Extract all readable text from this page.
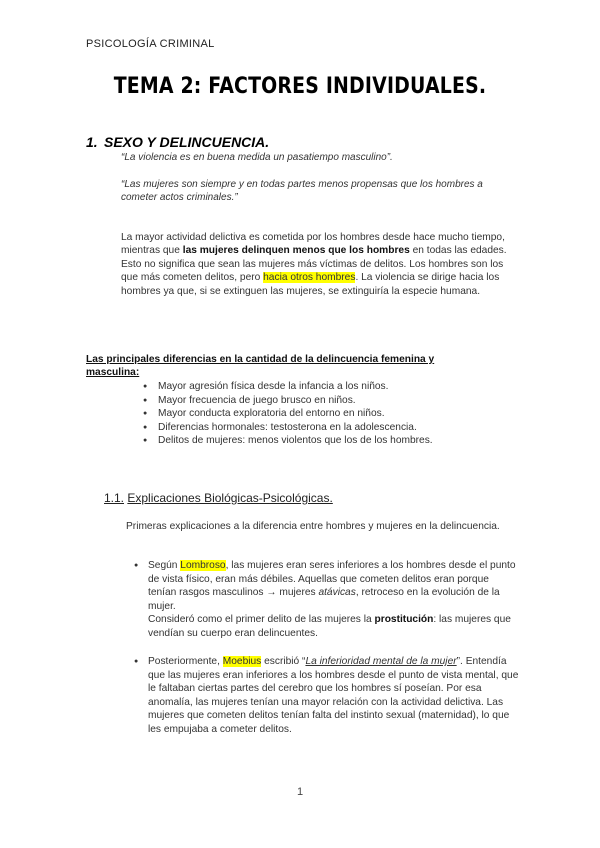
PSICOLOGÍA CRIMINAL
TEMA 2: FACTORES INDIVIDUALES.
1. SEXO Y DELINCUENCIA.
“La violencia es en buena medida un pasatiempo masculino”.
“Las mujeres son siempre y en todas partes menos propensas que los hombres a cometer actos criminales.”

La mayor actividad delictiva es cometida por los hombres desde hace mucho tiempo, mientras que las mujeres delinquen menos que los hombres en todas las edades.

Esto no significa que sean las mujeres más víctimas de delitos. Los hombres son los que más cometen delitos, pero hacia otros hombres. La violencia se dirige hacia los hombres ya que, si se extinguen las mujeres, se extinguiría la especie humana.

Las principales diferencias en la cantidad de la delincuencia femenina y masculina:
● Mayor agresión física desde la infancia a los niños.
● Mayor frecuencia de juego brusco en niños.
● Mayor conducta exploratoria del entorno en niños.
● Diferencias hormonales: testosterona en la adolescencia.
● Delitos de mujeres: menos violentos que los de los hombres.
1.1. Explicaciones Biológicas-Psicológicas.
Primeras explicaciones a la diferencia entre hombres y mujeres en la delincuencia.
● Según Lombroso, las mujeres eran seres inferiores a los hombres desde el punto de vista físico, eran más débiles. Aquellas que cometen delitos eran porque tenían rasgos masculinos → mujeres atávicas, retroceso en la evolución de la mujer.
Consideró como el primer delito de las mujeres la prostitución: las mujeres que vendían su cuerpo eran delincuentes.
● Posteriormente, Moebius escribió “La inferioridad mental de la mujer”. Entendía que las mujeres eran inferiores a los hombres desde el punto de vista mental, que le faltaban ciertas partes del cerebro que los hombres sí poseían. Por esa anomalía, las mujeres tenían una mayor relación con la actividad delictiva. Las mujeres que cometen delitos tenían falta del instinto sexual (maternidad), lo que les empujaba a cometer delitos.
1
